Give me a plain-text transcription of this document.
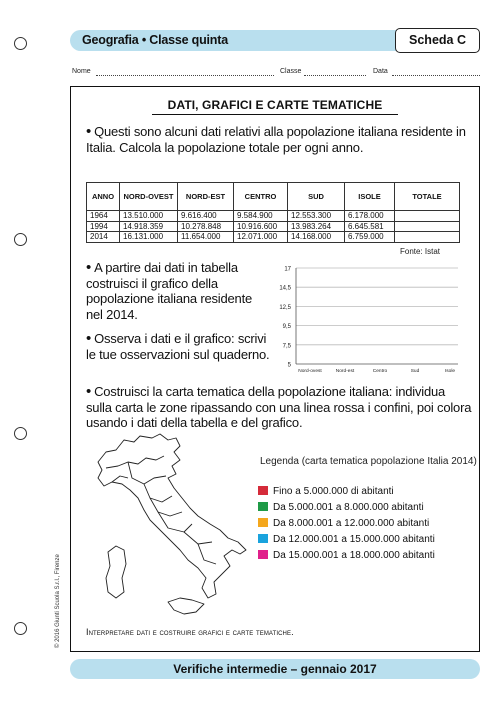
Geografia • Classe quinta	Scheda C
Nome	Classe	Data
DATI, GRAFICI E CARTE TEMATICHE
• Questi sono alcuni dati relativi alla popolazione italiana residente in Italia. Calcola la popolazione totale per ogni anno.
ANNO	NORD-OVEST	NORD-EST	CENTRO	SUD	ISOLE	TOTALE
1964	13.510.000	9.616.400	9.584.900	12.553.300	6.178.000	
1994	14.918.359	10.278.848	10.916.600	13.983.264	6.645.581	
2014	16.131.000	11.654.000	12.071.000	14.168.000	6.759.000	
Fonte: Istat
• A partire dai dati in tabella costruisci il grafico della popolazione italiana residente nel 2014.
• Osserva i dati e il grafico: scrivi le tue osservazioni sul quaderno.
17
14,5
12,5
9,5
7,5
5
Nord-ovest	Nord-est	Centro	Sud	Isole
• Costruisci la carta tematica della popolazione italiana: individua sulla carta le zone ripassando con una linea rossa i confini, poi colora usando i dati della tabella e del grafico.
Legenda (carta tematica popolazione Italia 2014)
Fino a 5.000.000 di abitanti
Da 5.000.001 a 8.000.000 abitanti
Da 8.000.001 a 12.000.000 abitanti
Da 12.000.001 a 15.000.000 abitanti
Da 15.000.001 a 18.000.000 abitanti
Interpretare dati e costruire grafici e carte tematiche.
© 2016 Giunti Scuola S.r.l., Firenze
Verifiche intermedie – gennaio 2017
